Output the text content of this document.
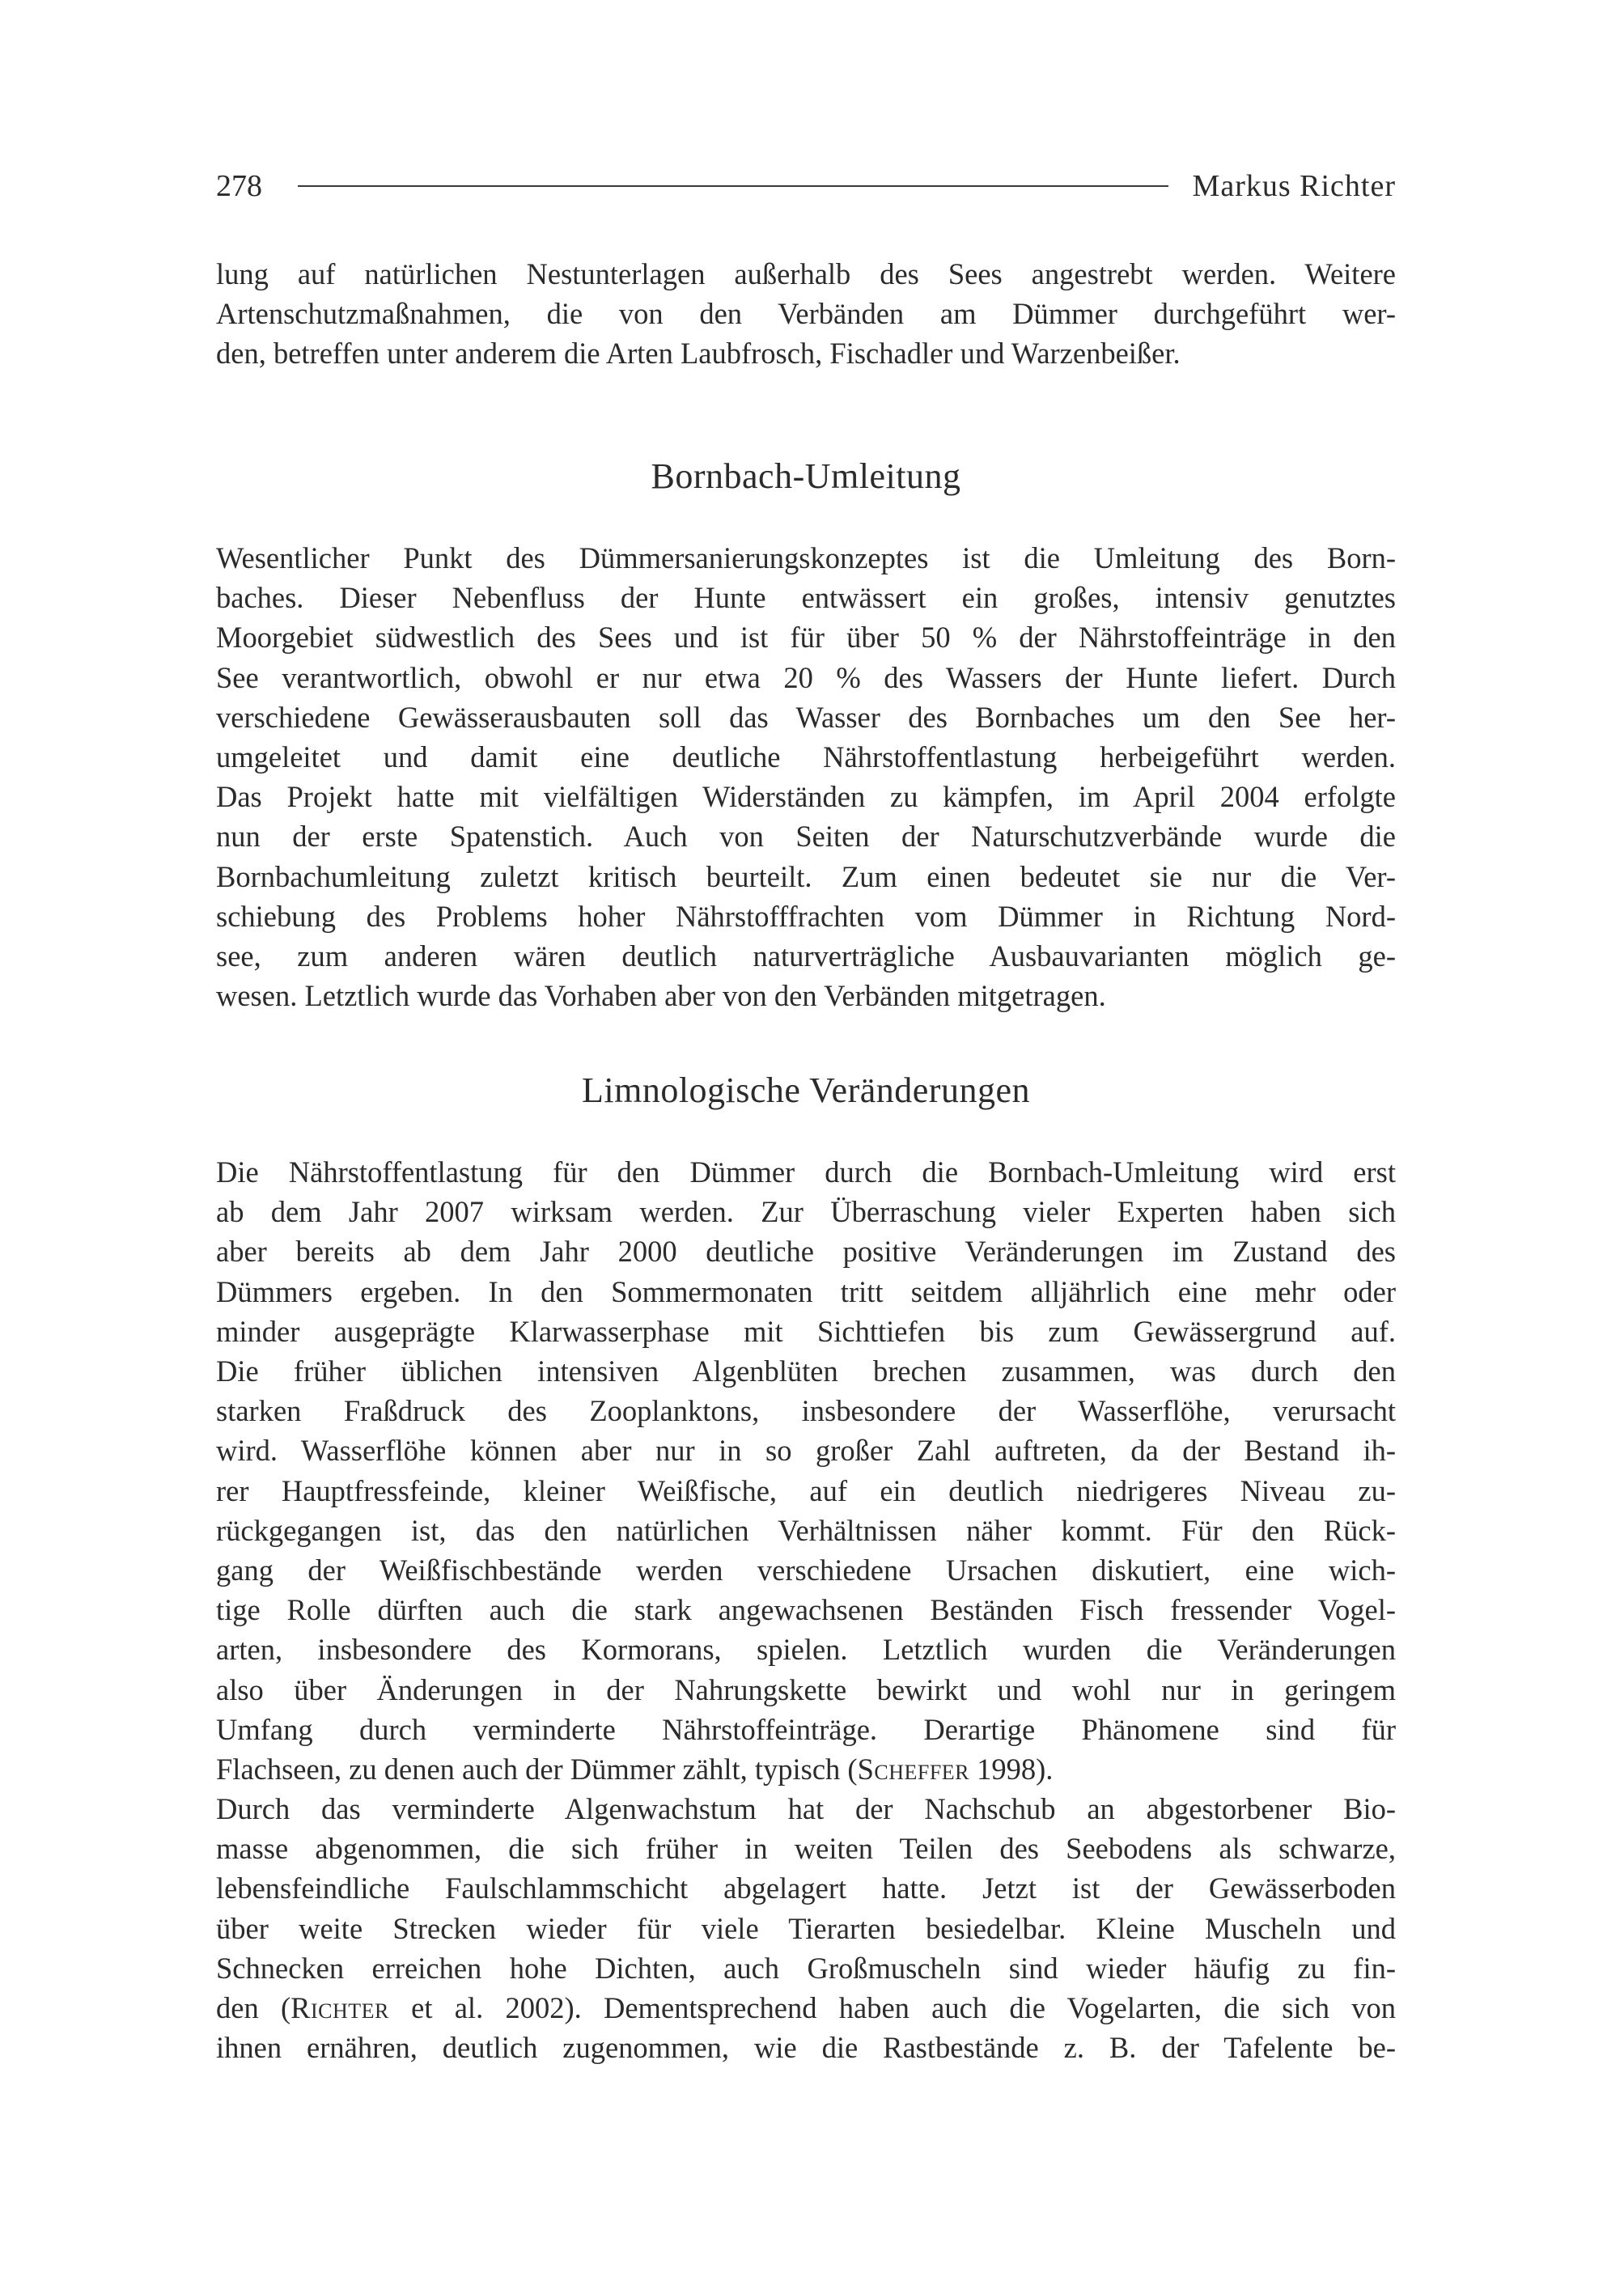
278	Markus Richter
lung auf natürlichen Nestunterlagen außerhalb des Sees angestrebt werden. Weitere
Artenschutzmaßnahmen, die von den Verbänden am Dümmer durchgeführt wer-
den, betreffen unter anderem die Arten Laubfrosch, Fischadler und Warzenbeißer.
Bornbach-Umleitung
Wesentlicher Punkt des Dümmersanierungskonzeptes ist die Umleitung des Born-
baches. Dieser Nebenfluss der Hunte entwässert ein großes, intensiv genutztes
Moorgebiet südwestlich des Sees und ist für über 50 % der Nährstoffeinträge in den
See verantwortlich, obwohl er nur etwa 20 % des Wassers der Hunte liefert. Durch
verschiedene Gewässerausbauten soll das Wasser des Bornbaches um den See her-
umgeleitet und damit eine deutliche Nährstoffentlastung herbeigeführt werden.
Das Projekt hatte mit vielfältigen Widerständen zu kämpfen, im April 2004 erfolgte
nun der erste Spatenstich. Auch von Seiten der Naturschutzverbände wurde die
Bornbachumleitung zuletzt kritisch beurteilt. Zum einen bedeutet sie nur die Ver-
schiebung des Problems hoher Nährstofffrachten vom Dümmer in Richtung Nord-
see, zum anderen wären deutlich naturverträgliche Ausbauvarianten möglich ge-
wesen. Letztlich wurde das Vorhaben aber von den Verbänden mitgetragen.
Limnologische Veränderungen
Die Nährstoffentlastung für den Dümmer durch die Bornbach-Umleitung wird erst
ab dem Jahr 2007 wirksam werden. Zur Überraschung vieler Experten haben sich
aber bereits ab dem Jahr 2000 deutliche positive Veränderungen im Zustand des
Dümmers ergeben. In den Sommermonaten tritt seitdem alljährlich eine mehr oder
minder ausgeprägte Klarwasserphase mit Sichttiefen bis zum Gewässergrund auf.
Die früher üblichen intensiven Algenblüten brechen zusammen, was durch den
starken Fraßdruck des Zooplanktons, insbesondere der Wasserflöhe, verursacht
wird. Wasserflöhe können aber nur in so großer Zahl auftreten, da der Bestand ih-
rer Hauptfressfeinde, kleiner Weißfische, auf ein deutlich niedrigeres Niveau zu-
rückgegangen ist, das den natürlichen Verhältnissen näher kommt. Für den Rück-
gang der Weißfischbestände werden verschiedene Ursachen diskutiert, eine wich-
tige Rolle dürften auch die stark angewachsenen Beständen Fisch fressender Vogel-
arten, insbesondere des Kormorans, spielen. Letztlich wurden die Veränderungen
also über Änderungen in der Nahrungskette bewirkt und wohl nur in geringem
Umfang durch verminderte Nährstoffeinträge. Derartige Phänomene sind für
Flachseen, zu denen auch der Dümmer zählt, typisch (Scheffer 1998).
Durch das verminderte Algenwachstum hat der Nachschub an abgestorbener Bio-
masse abgenommen, die sich früher in weiten Teilen des Seebodens als schwarze,
lebensfeindliche Faulschlammschicht abgelagert hatte. Jetzt ist der Gewässerboden
über weite Strecken wieder für viele Tierarten besiedelbar. Kleine Muscheln und
Schnecken erreichen hohe Dichten, auch Großmuscheln sind wieder häufig zu fin-
den (Richter et al. 2002). Dementsprechend haben auch die Vogelarten, die sich von
ihnen ernähren, deutlich zugenommen, wie die Rastbestände z. B. der Tafelente be-
